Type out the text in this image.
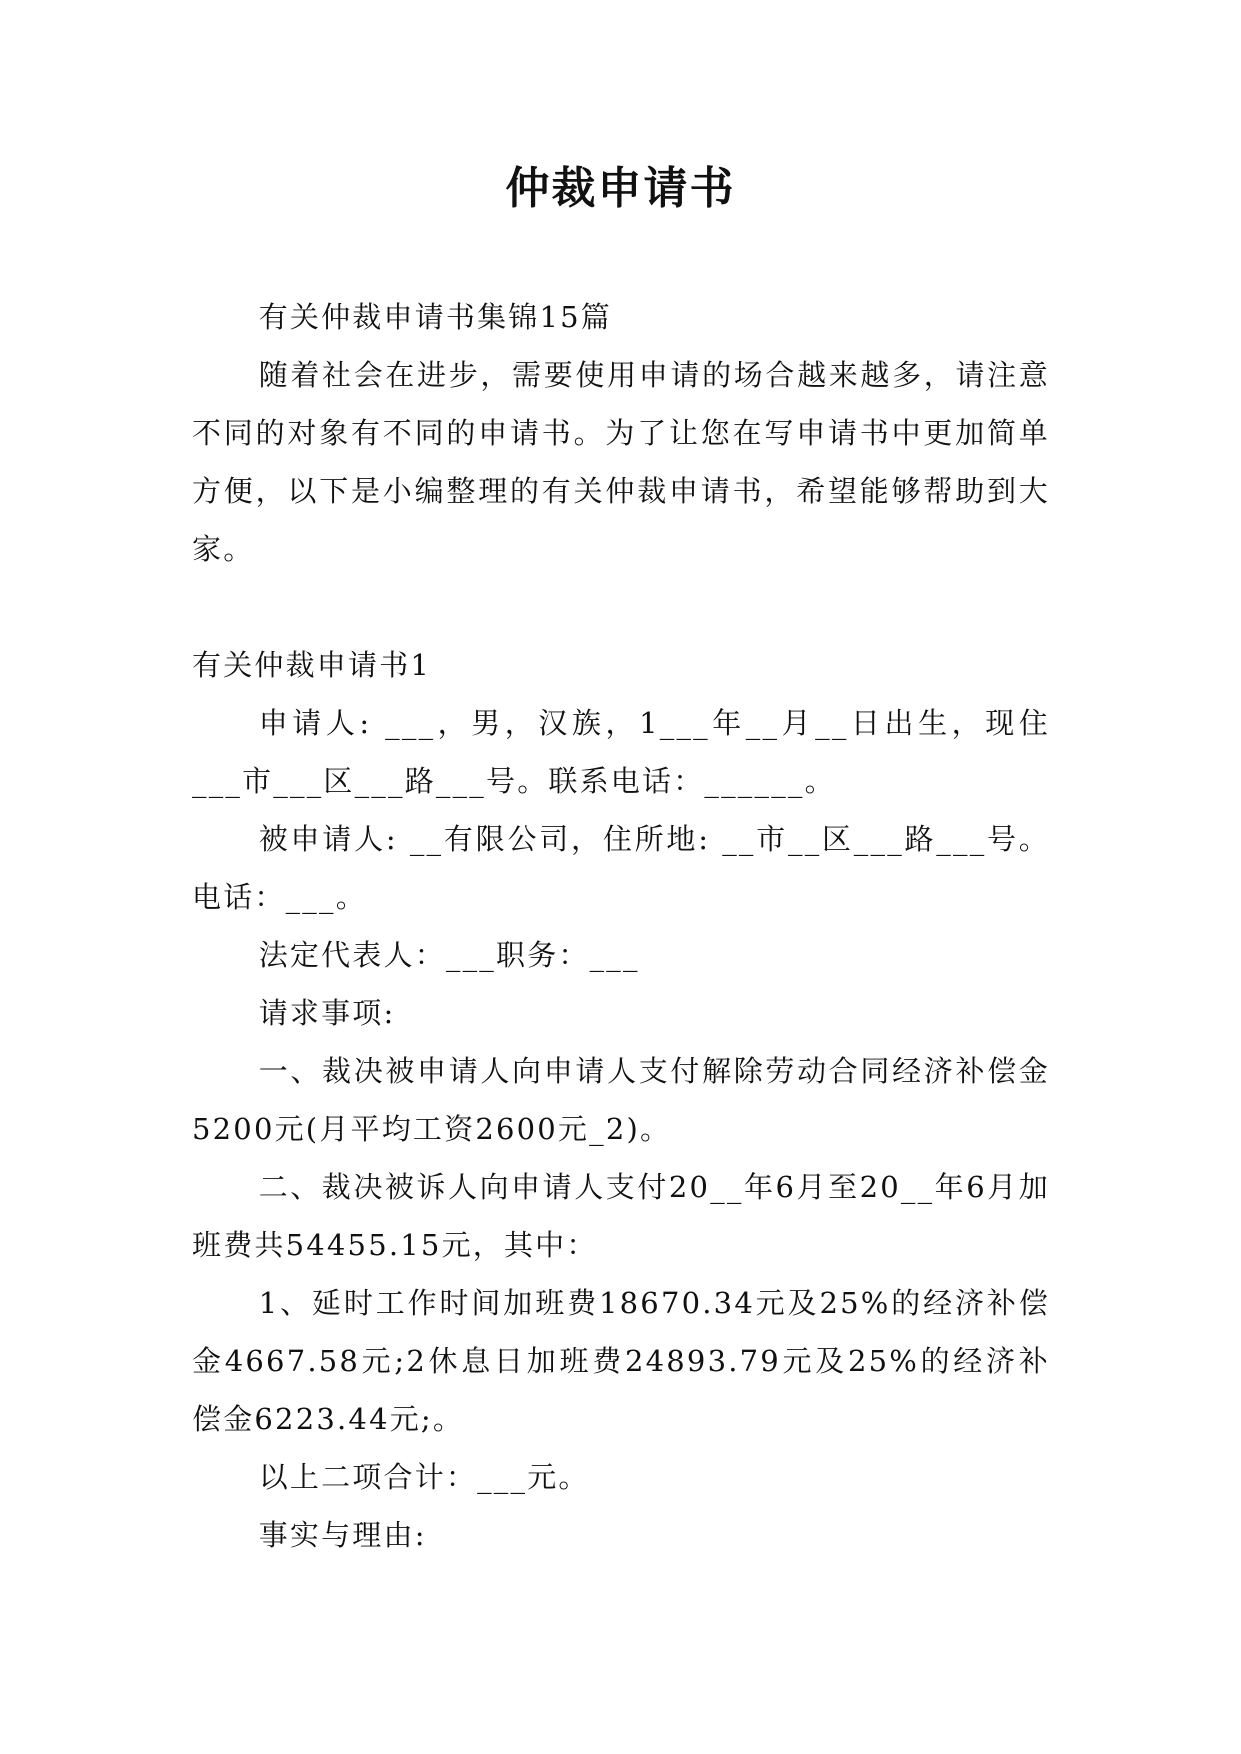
仲裁申请书

有关仲裁申请书集锦15篇

随着社会在进步，需要使用申请的场合越来越多，请注意不同的对象有不同的申请书。为了让您在写申请书中更加简单方便，以下是小编整理的有关仲裁申请书，希望能够帮助到大家。

有关仲裁申请书1

申请人: ___，男，汉族，1___年__月__日出生，现住___市___区___路___号。联系电话：______。

被申请人: __有限公司，住所地: __市__区___路___号。电话：___。

法定代表人：___职务：___

请求事项:

一、裁决被申请人向申请人支付解除劳动合同经济补偿金5200元(月平均工资2600元_2)。

二、裁决被诉人向申请人支付20__年6月至20__年6月加班费共54455.15元，其中：

1、延时工作时间加班费18670.34元及25%的经济补偿金4667.58元;2休息日加班费24893.79元及25%的经济补偿金6223.44元;。

以上二项合计：___元。

事实与理由:
